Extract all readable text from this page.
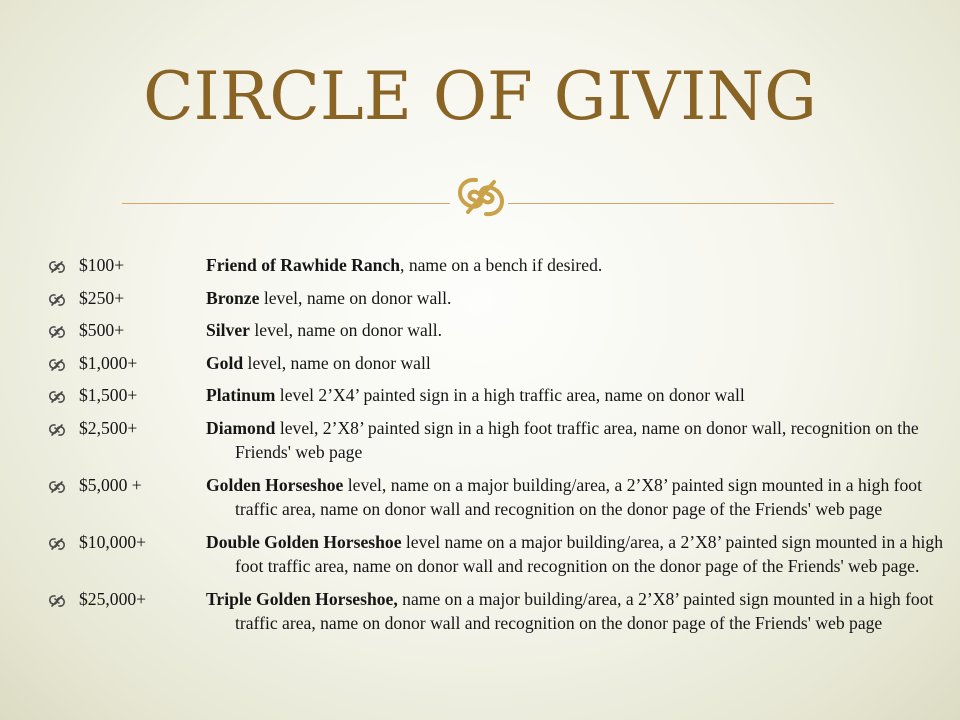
CIRCLE OF GIVING
$100+	Friend of Rawhide Ranch, name on a bench if desired.
$250+	Bronze level, name on donor wall.
$500+	Silver level, name on donor wall.
$1,000+	Gold level, name on donor wall
$1,500+	Platinum level 2’X4’ painted sign in a high traffic area, name on donor wall
$2,500+	Diamond level, 2’X8’ painted sign in a high foot traffic area, name on donor wall, recognition on the Friends' web page
$5,000 +	Golden Horseshoe level, name on a major building/area, a 2’X8’ painted sign mounted in a high foot traffic area, name on donor wall and recognition on the donor page of the Friends' web page
$10,000+	Double Golden Horseshoe level name on a major building/area, a 2’X8’ painted sign mounted in a high foot traffic area, name on donor wall and recognition on the donor page of the Friends' web page.
$25,000+	Triple Golden Horseshoe, name on a major building/area, a 2’X8’ painted sign mounted in a high foot traffic area, name on donor wall and recognition on the donor page of the Friends' web page
